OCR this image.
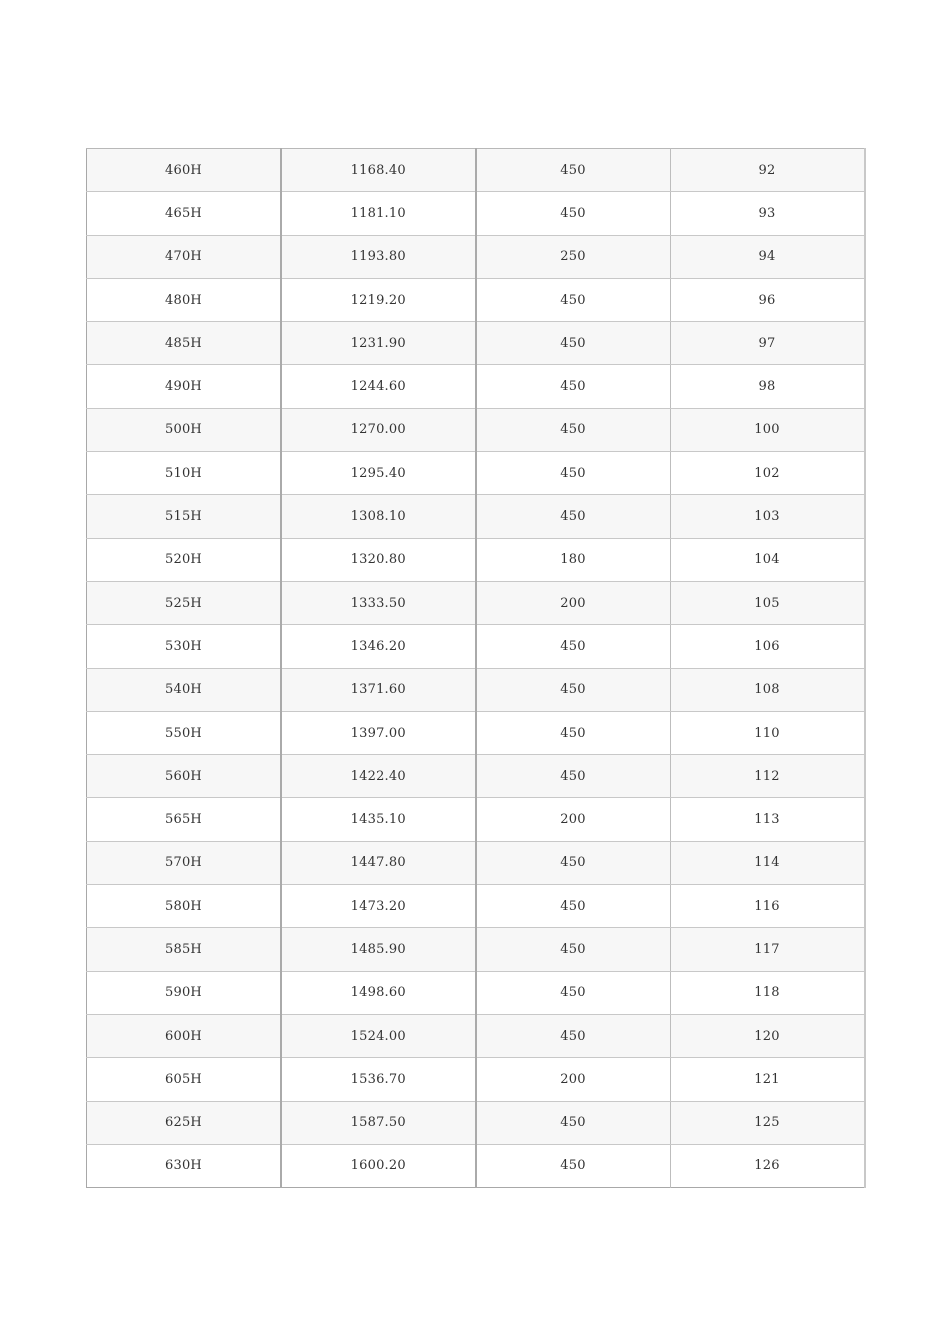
460H	1168.40	450	92
465H	1181.10	450	93
470H	1193.80	250	94
480H	1219.20	450	96
485H	1231.90	450	97
490H	1244.60	450	98
500H	1270.00	450	100
510H	1295.40	450	102
515H	1308.10	450	103
520H	1320.80	180	104
525H	1333.50	200	105
530H	1346.20	450	106
540H	1371.60	450	108
550H	1397.00	450	110
560H	1422.40	450	112
565H	1435.10	200	113
570H	1447.80	450	114
580H	1473.20	450	116
585H	1485.90	450	117
590H	1498.60	450	118
600H	1524.00	450	120
605H	1536.70	200	121
625H	1587.50	450	125
630H	1600.20	450	126
